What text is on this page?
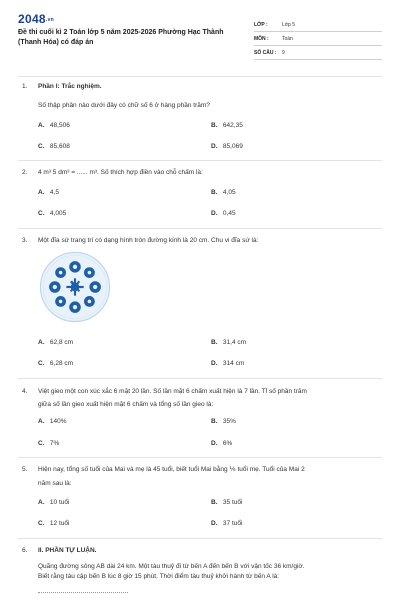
2048.vn
Đề thi cuối kì 2 Toán lớp 5 năm 2025-2026 Phường Hạc Thành (Thanh Hóa) có đáp án
LỚP :	Lớp 5
MÔN :	Toán
SỐ CÂU :	9
1. Phần I: Trắc nghiệm.
Số thập phân nào dưới đây có chữ số 6 ở hàng phần trăm?
A. 48,506	B. 642,35
C. 85,608	D. 85,069
2. 4 m³ 5 dm³ = ...... m³. Số thích hợp điền vào chỗ chấm là:
A. 4,5	B. 4,05
C. 4,005	D. 0,45
3. Một đĩa sứ trang trí có dạng hình tròn đường kính là 20 cm. Chu vi đĩa sứ là:
A. 62,8 cm	B. 31,4 cm
C. 6,28 cm	D. 314 cm
4. Việt gieo một con xúc xắc 6 mặt 20 lần. Số lần mặt 6 chấm xuất hiện là 7 lần. Tỉ số phần trăm
giữa số lần gieo xuất hiện mặt 6 chấm và tổng số lần gieo là:
A. 140%	B. 35%
C. 7%	D. 6%
5. Hiện nay, tổng số tuổi của Mai và mẹ là 45 tuổi, biết tuổi Mai bằng ⅙ tuổi mẹ. Tuổi của Mai 2
năm sau là:
A. 10 tuổi	B. 35 tuổi
C. 12 tuổi	D. 37 tuổi
6. II. PHẦN TỰ LUẬN.
Quãng đường sông AB dài 24 km. Một tàu thuỷ đi từ bến A đến bến B với vận tốc 36 km/giờ.
Biết rằng tàu cập bến B lúc 8 giờ 15 phút. Thời điểm tàu thuỷ khởi hành từ bến A là:
